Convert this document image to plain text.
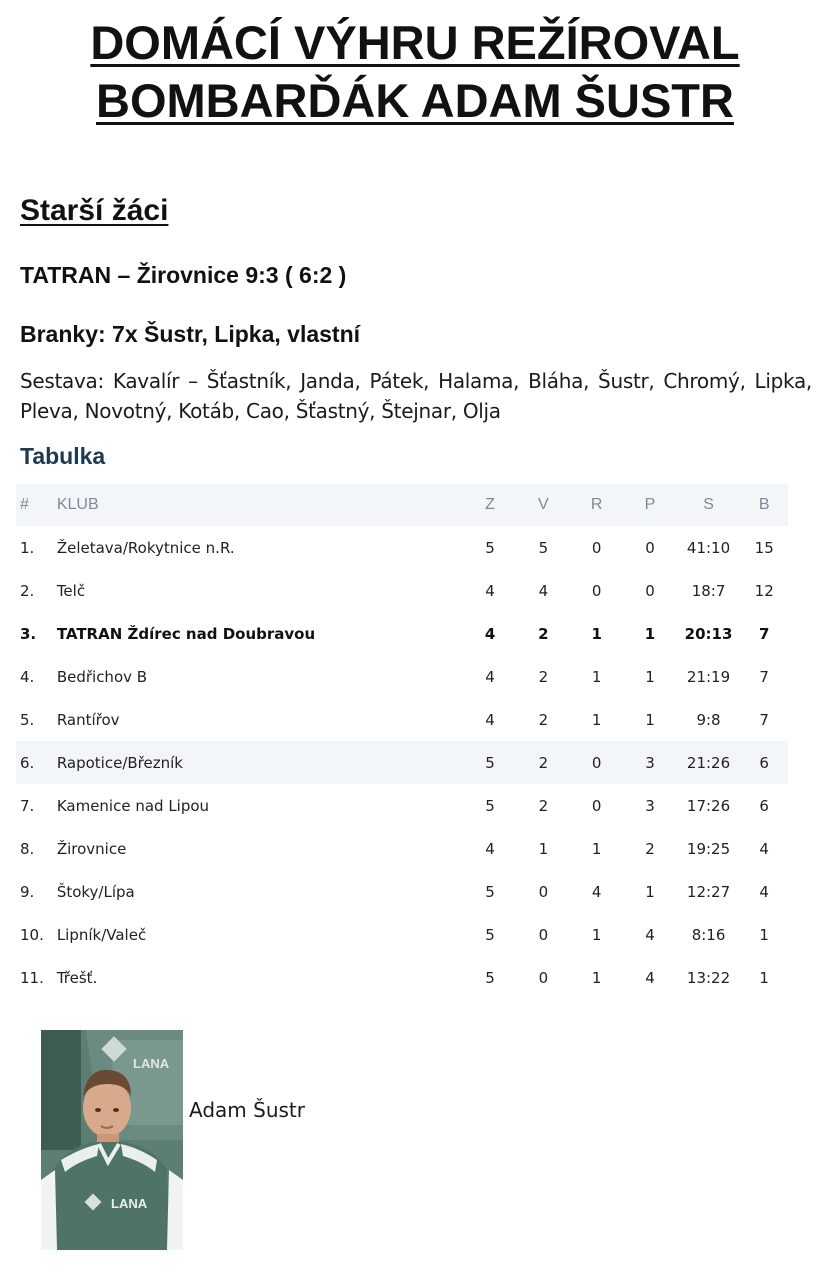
DOMÁCÍ VÝHRU REŽÍROVAL
BOMBARĎÁK ADAM ŠUSTR
Starší žáci

TATRAN – Žirovnice 9:3 ( 6:2 )

Branky: 7x Šustr, Lipka, vlastní

Sestava: Kavalír – Šťastník, Janda, Pátek, Halama, Bláha, Šustr, Chromý, Lipka, Pleva, Novotný, Kotáb, Cao, Šťastný, Štejnar, Olja

Tabulka
#	KLUB	Z	V	R	P	S	B
1.	Želetava/Rokytnice n.R.	5	5	0	0	41:10	15
2.	Telč	4	4	0	0	18:7	12
3.	TATRAN Ždírec nad Doubravou	4	2	1	1	20:13	7
4.	Bedřichov B	4	2	1	1	21:19	7
5.	Rantířov	4	2	1	1	9:8	7
6.	Rapotice/Březník	5	2	0	3	21:26	6
7.	Kamenice nad Lipou	5	2	0	3	17:26	6
8.	Žirovnice	4	1	1	2	19:25	4
9.	Štoky/Lípa	5	0	4	1	12:27	4
10.	Lipník/Valeč	5	0	1	4	8:16	1
11.	Třešť.	5	0	1	4	13:22	1
LANA
LANA

Adam Šustr
